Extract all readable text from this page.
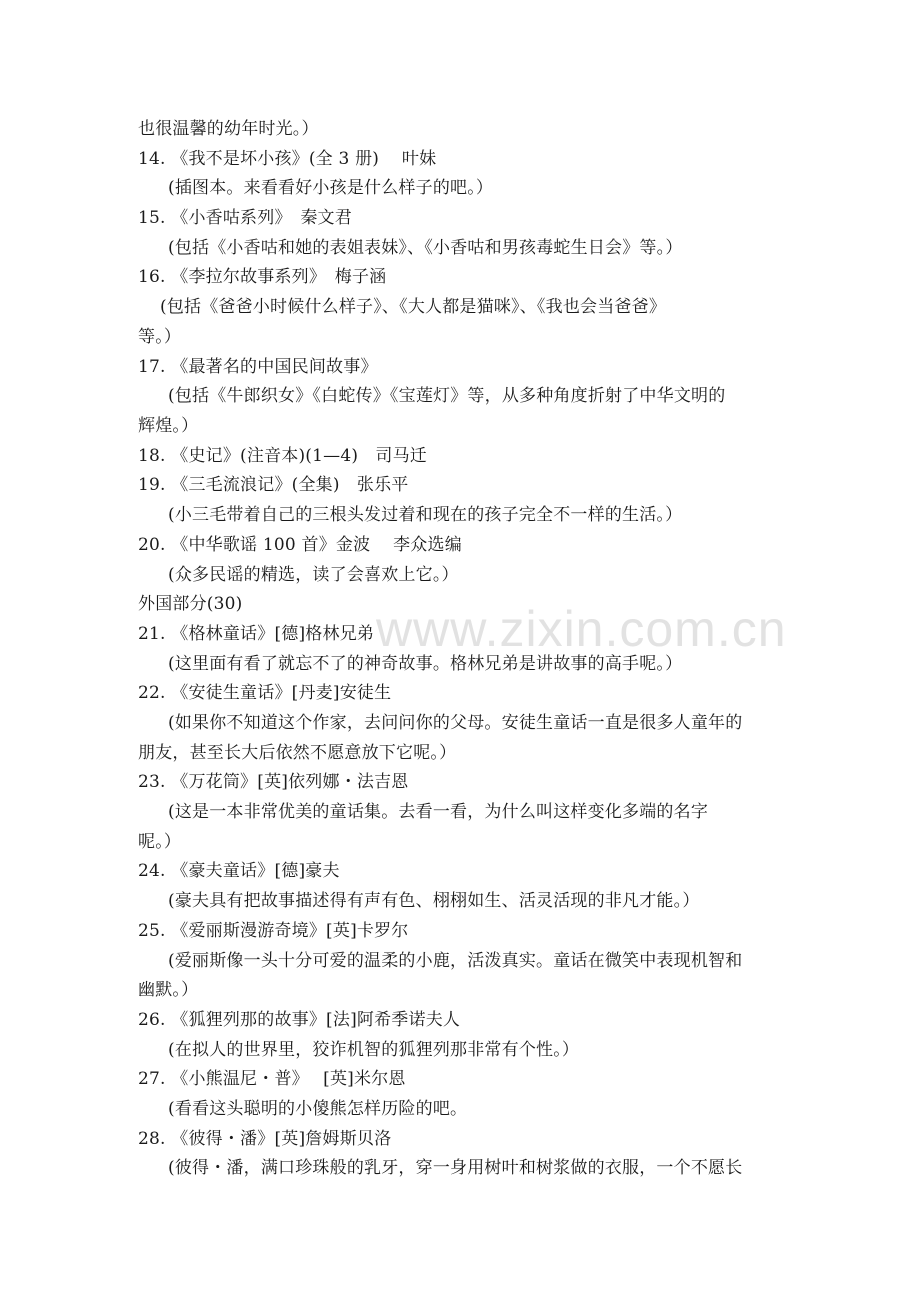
也很温馨的幼年时光。）
14. 《我不是坏小孩》(全 3 册)　 叶妹
(插图本。来看看好小孩是什么样子的吧。）
15. 《小香咕系列》　秦文君
(包括《小香咕和她的表姐表妹》、《小香咕和男孩毒蛇生日会》等。）
16. 《李拉尔故事系列》　梅子涵
(包括《爸爸小时候什么样子》、《大人都是猫咪》、《我也会当爸爸》
等。）
17. 《最著名的中国民间故事》
(包括《牛郎织女》《白蛇传》《宝莲灯》等，从多种角度折射了中华文明的
辉煌。）
18. 《史记》(注音本)(1—4)　司马迁
19. 《三毛流浪记》(全集)　张乐平
(小三毛带着自己的三根头发过着和现在的孩子完全不一样的生活。）
20. 《中华歌谣 100 首》金波　 李众选编
(众多民谣的精选，读了会喜欢上它。）
外国部分(30)
21. 《格林童话》[德]格林兄弟
(这里面有看了就忘不了的神奇故事。格林兄弟是讲故事的高手呢。）
22. 《安徒生童话》[丹麦]安徒生
(如果你不知道这个作家，去问问你的父母。安徒生童话一直是很多人童年的
朋友，甚至长大后依然不愿意放下它呢。）
23. 《万花筒》[英]依列娜・法吉恩
(这是一本非常优美的童话集。去看一看，为什么叫这样变化多端的名字
呢。）
24. 《豪夫童话》[德]豪夫
(豪夫具有把故事描述得有声有色、栩栩如生、活灵活现的非凡才能。）
25. 《爱丽斯漫游奇境》[英]卡罗尔
(爱丽斯像一头十分可爱的温柔的小鹿，活泼真实。童话在微笑中表现机智和
幽默。）
26. 《狐狸列那的故事》[法]阿希季诺夫人
(在拟人的世界里，狡诈机智的狐狸列那非常有个性。）
27. 《小熊温尼・普》　 [英]米尔恩
(看看这头聪明的小傻熊怎样历险的吧。
28. 《彼得・潘》[英]詹姆斯贝洛
(彼得・潘，满口珍珠般的乳牙，穿一身用树叶和树浆做的衣服，一个不愿长
www.zixin.com.cn
